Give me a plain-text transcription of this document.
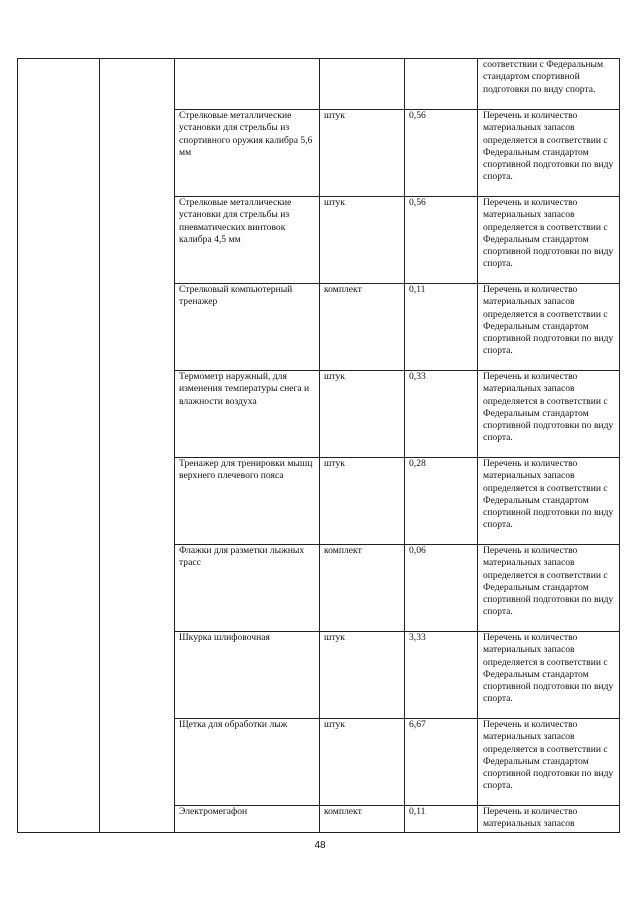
					соответствии с Федеральным стандартом спортивной подготовки по виду спорта.
		Стрелковые металлические установки для стрельбы из спортивного оружия калибра 5,6 мм	штук	0,56	Перечень и количество материальных запасов определяется в соответствии с Федеральным стандартом спортивной подготовки по виду спорта.
		Стрелковые металлические установки для стрельбы из пневматических винтовок калибра 4,5 мм	штук	0,56	Перечень и количество материальных запасов определяется в соответствии с Федеральным стандартом спортивной подготовки по виду спорта.
		Стрелковый компьютерный тренажер	комплект	0,11	Перечень и количество материальных запасов определяется в соответствии с Федеральным стандартом спортивной подготовки по виду спорта.
		Термометр наружный, для изменения температуры снега и влажности воздуха	штук	0,33	Перечень и количество материальных запасов определяется в соответствии с Федеральным стандартом спортивной подготовки по виду спорта.
		Тренажер для тренировки мышц верхнего плечевого пояса	штук	0,28	Перечень и количество материальных запасов определяется в соответствии с Федеральным стандартом спортивной подготовки по виду спорта.
		Флажки для разметки лыжных трасс	комплект	0,06	Перечень и количество материальных запасов определяется в соответствии с Федеральным стандартом спортивной подготовки по виду спорта.
		Шкурка шлифовочная	штук	3,33	Перечень и количество материальных запасов определяется в соответствии с Федеральным стандартом спортивной подготовки по виду спорта.
		Щетка для обработки лыж	штук	6,67	Перечень и количество материальных запасов определяется в соответствии с Федеральным стандартом спортивной подготовки по виду спорта.
		Электромегафон	комплект	0,11	Перечень и количество материальных запасов
48
